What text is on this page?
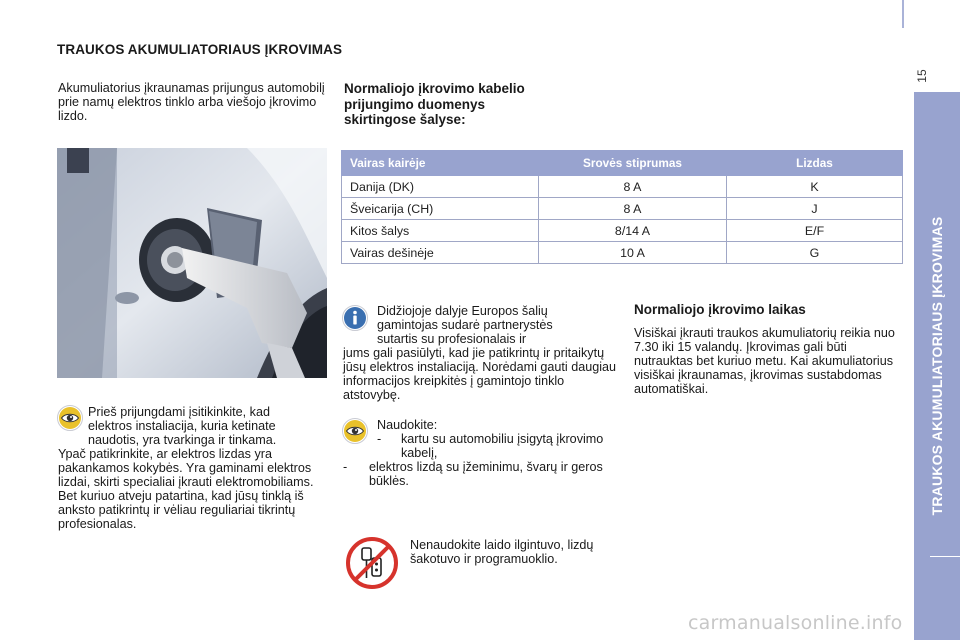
15
TRAUKOS AKUMULIATORIAUS ĮKROVIMAS
TRAUKOS AKUMULIATORIAUS ĮKROVIMAS
Akumuliatorius įkraunamas prijungus automobilį prie namų elektros tinklo arba viešojo įkrovimo lizdo.
Normaliojo įkrovimo kabelio
prijungimo duomenys
skirtingose šalyse:
Vairas kairėje	Srovės stiprumas	Lizdas
Danija (DK)	8 A	K
Šveicarija (CH)	8 A	J
Kitos šalys	8/14 A	E/F
Vairas dešinėje	10 A	G
Didžiojoje dalyje Europos šalių
gamintojas sudarė partnerystės
sutartis su profesionalais ir
jums gali pasiūlyti, kad jie patikrintų ir pritaikytų jūsų elektros instaliaciją. Norėdami gauti daugiau informacijos kreipkitės į gamintojo tinklo atstovybę.
Normaliojo įkrovimo laikas
Visiškai įkrauti traukos akumuliatorių reikia nuo 7.30 iki 15 valandų. Įkrovimas gali būti nutrauktas bet kuriuo metu. Kai akumuliatorius visiškai įkraunamas, įkrovimas sustabdomas automatiškai.
Prieš prijungdami įsitikinkite, kad
elektros instaliacija, kuria ketinate
naudotis, yra tvarkinga ir tinkama.
Ypač patikrinkite, ar elektros lizdas yra pakankamos kokybės. Yra gaminami elektros lizdai, skirti specialiai įkrauti elektromobiliams. Bet kuriuo atveju patartina, kad jūsų tinklą iš anksto patikrintų ir vėliau reguliariai tikrintų profesionalas.
Naudokite:
-	kartu su automobiliu įsigytą įkrovimo kabelį,
-	elektros lizdą su įžeminimu, švarų ir geros būklės.
Nenaudokite laido ilgintuvo, lizdų šakotuvo ir programuoklio.
carmanualsonline.info
